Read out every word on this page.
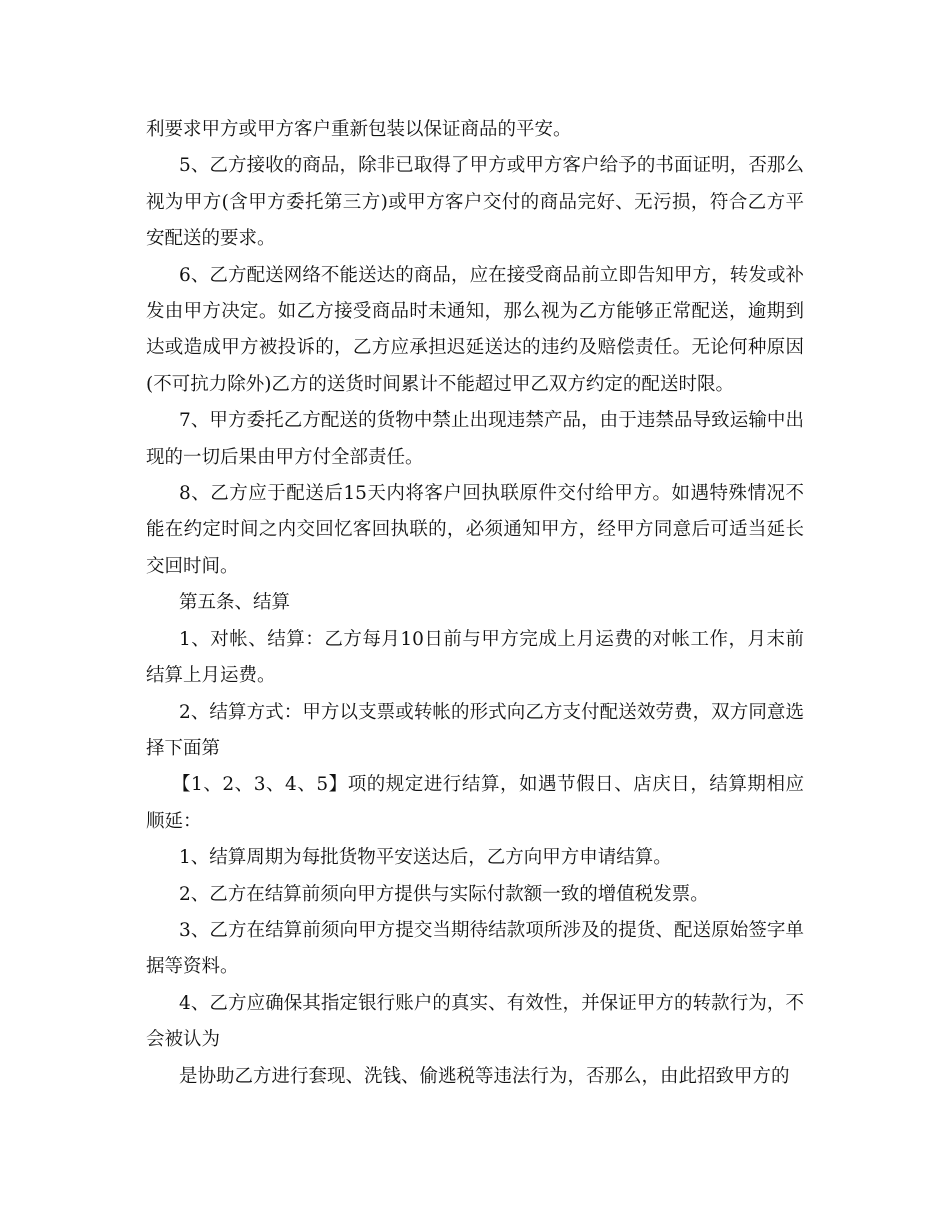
利要求甲方或甲方客户重新包装以保证商品的平安。

5、乙方接收的商品，除非已取得了甲方或甲方客户给予的书面证明，否那么视为甲方(含甲方委托第三方)或甲方客户交付的商品完好、无污损，符合乙方平安配送的要求。

6、乙方配送网络不能送达的商品，应在接受商品前立即告知甲方，转发或补发由甲方决定。如乙方接受商品时未通知，那么视为乙方能够正常配送，逾期到达或造成甲方被投诉的，乙方应承担迟延送达的违约及赔偿责任。无论何种原因(不可抗力除外)乙方的送货时间累计不能超过甲乙双方约定的配送时限。

7、甲方委托乙方配送的货物中禁止出现违禁产品，由于违禁品导致运输中出现的一切后果由甲方付全部责任。

8、乙方应于配送后15天内将客户回执联原件交付给甲方。如遇特殊情况不能在约定时间之内交回忆客回执联的，必须通知甲方，经甲方同意后可适当延长交回时间。

第五条、结算

1、对帐、结算：乙方每月10日前与甲方完成上月运费的对帐工作，月末前结算上月运费。

2、结算方式：甲方以支票或转帐的形式向乙方支付配送效劳费，双方同意选择下面第

【1、2、3、4、5】项的规定进行结算，如遇节假日、店庆日，结算期相应顺延：

1、结算周期为每批货物平安送达后，乙方向甲方申请结算。

2、乙方在结算前须向甲方提供与实际付款额一致的增值税发票。

3、乙方在结算前须向甲方提交当期待结款项所涉及的提货、配送原始签字单据等资料。

4、乙方应确保其指定银行账户的真实、有效性，并保证甲方的转款行为，不会被认为

是协助乙方进行套现、洗钱、偷逃税等违法行为，否那么，由此招致甲方的
